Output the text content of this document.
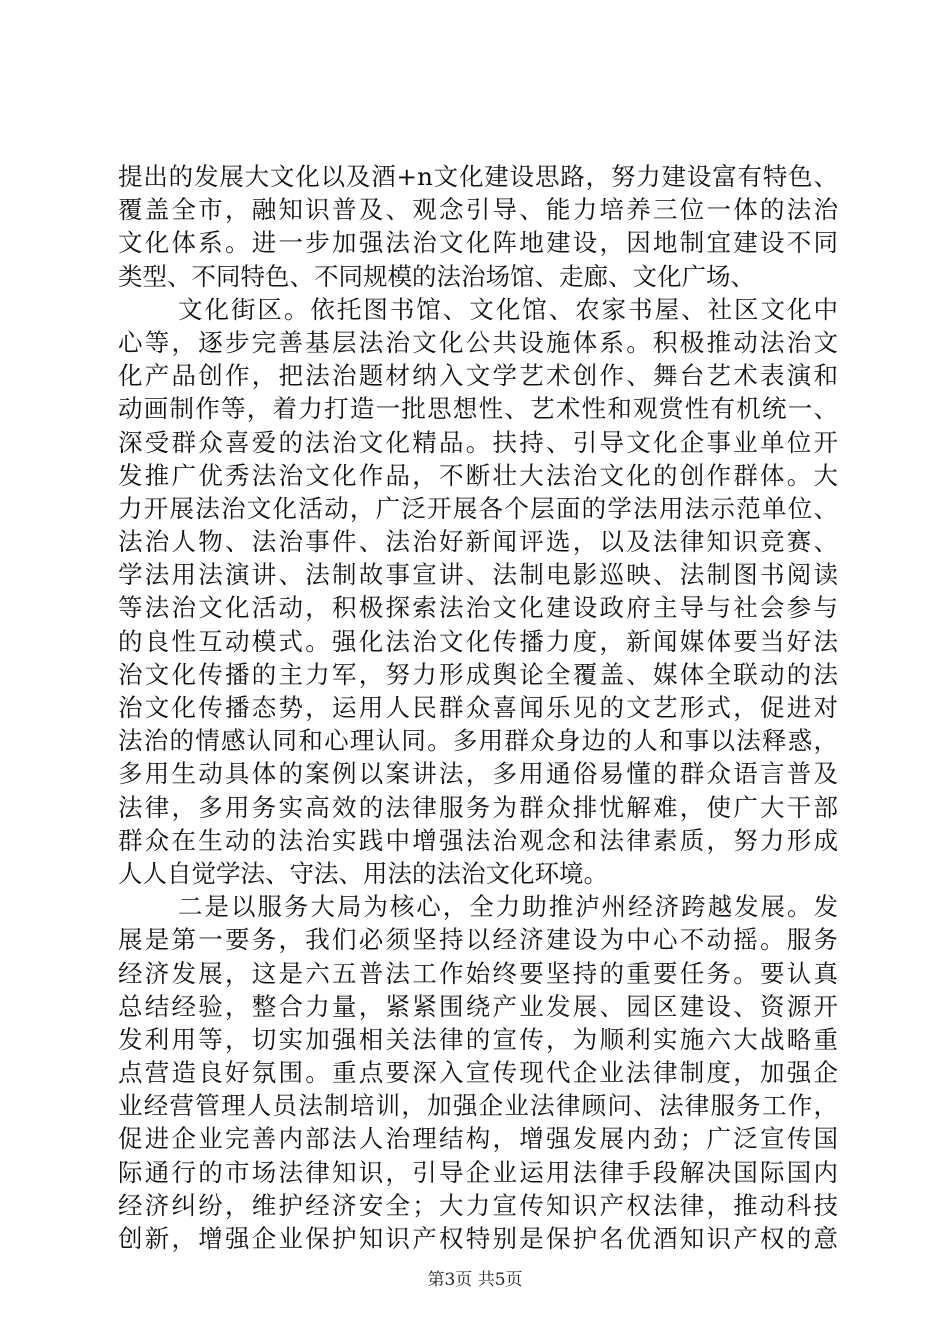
提出的发展大文化以及酒+n文化建设思路，努力建设富有特色、
覆盖全市，融知识普及、观念引导、能力培养三位一体的法治
文化体系。进一步加强法治文化阵地建设，因地制宜建设不同
类型、不同特色、不同规模的法治场馆、走廊、文化广场、
文化街区。依托图书馆、文化馆、农家书屋、社区文化中
心等，逐步完善基层法治文化公共设施体系。积极推动法治文
化产品创作，把法治题材纳入文学艺术创作、舞台艺术表演和
动画制作等，着力打造一批思想性、艺术性和观赏性有机统一、
深受群众喜爱的法治文化精品。扶持、引导文化企事业单位开
发推广优秀法治文化作品，不断壮大法治文化的创作群体。大
力开展法治文化活动，广泛开展各个层面的学法用法示范单位、
法治人物、法治事件、法治好新闻评选，以及法律知识竞赛、
学法用法演讲、法制故事宣讲、法制电影巡映、法制图书阅读
等法治文化活动，积极探索法治文化建设政府主导与社会参与
的良性互动模式。强化法治文化传播力度，新闻媒体要当好法
治文化传播的主力军，努力形成舆论全覆盖、媒体全联动的法
治文化传播态势，运用人民群众喜闻乐见的文艺形式，促进对
法治的情感认同和心理认同。多用群众身边的人和事以法释惑，
多用生动具体的案例以案讲法，多用通俗易懂的群众语言普及
法律，多用务实高效的法律服务为群众排忧解难，使广大干部
群众在生动的法治实践中增强法治观念和法律素质，努力形成
人人自觉学法、守法、用法的法治文化环境。
二是以服务大局为核心，全力助推泸州经济跨越发展。发
展是第一要务，我们必须坚持以经济建设为中心不动摇。服务
经济发展，这是六五普法工作始终要坚持的重要任务。要认真
总结经验，整合力量，紧紧围绕产业发展、园区建设、资源开
发利用等，切实加强相关法律的宣传，为顺利实施六大战略重
点营造良好氛围。重点要深入宣传现代企业法律制度，加强企
业经营管理人员法制培训，加强企业法律顾问、法律服务工作，
促进企业完善内部法人治理结构，增强发展内劲；广泛宣传国
际通行的市场法律知识，引导企业运用法律手段解决国际国内
经济纠纷，维护经济安全；大力宣传知识产权法律，推动科技
创新，增强企业保护知识产权特别是保护名优酒知识产权的意
第3页 共5页
